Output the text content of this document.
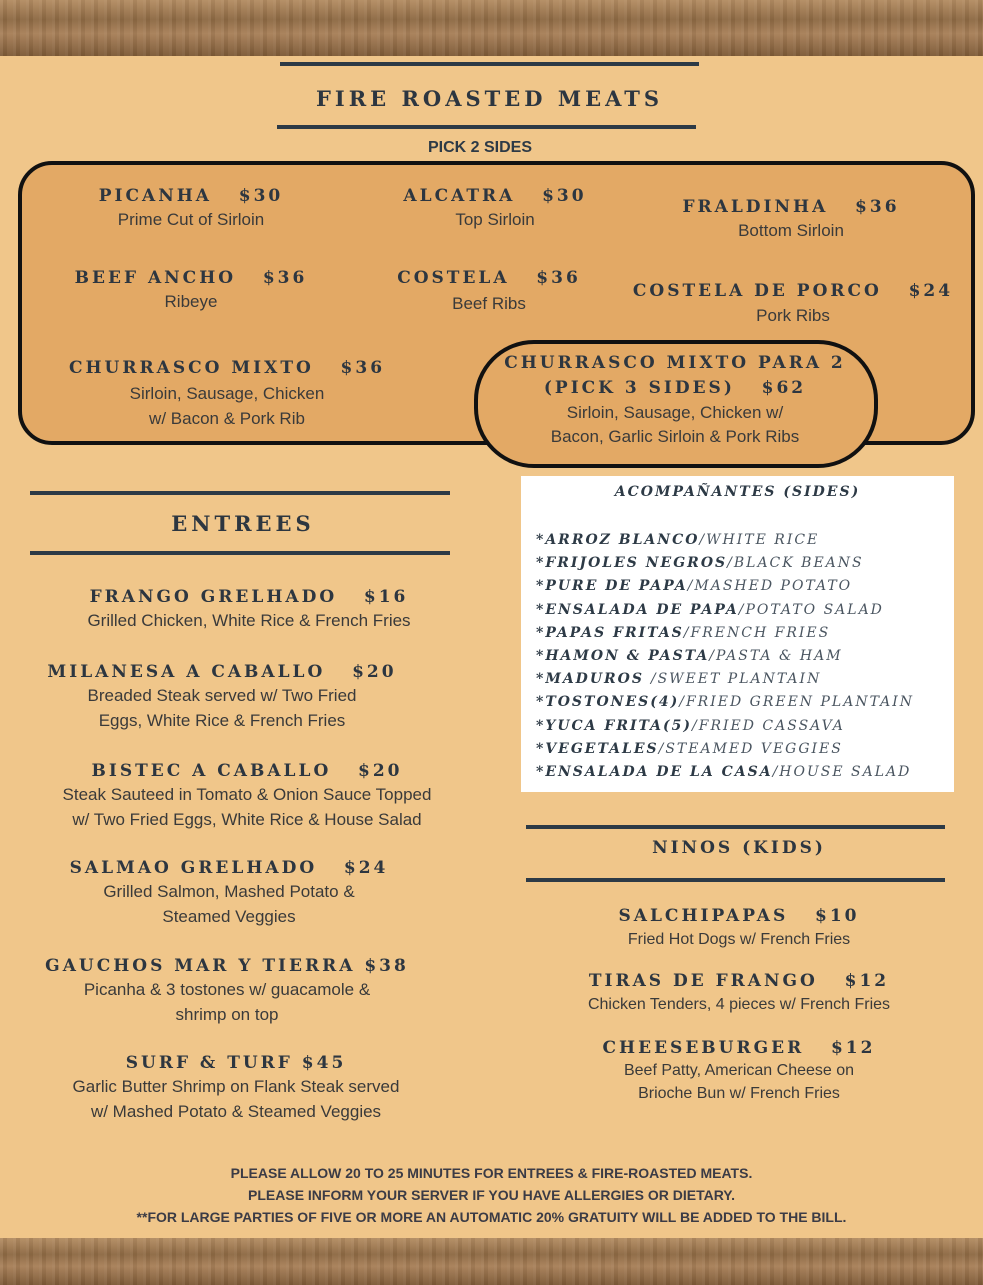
FIRE ROASTED MEATS
PICK 2 SIDES
PICANHA   $30
Prime Cut of Sirloin
ALCATRA   $30
Top Sirloin
FRALDINHA   $36
Bottom Sirloin
BEEF ANCHO   $36
Ribeye
COSTELA   $36
Beef Ribs
COSTELA DE PORCO   $24
Pork Ribs
CHURRASCO MIXTO   $36
Sirloin, Sausage, Chicken
w/ Bacon & Pork Rib
CHURRASCO MIXTO PARA 2
(PICK 3 SIDES)   $62
Sirloin, Sausage, Chicken w/
Bacon, Garlic Sirloin & Pork Ribs
ENTREES
FRANGO GRELHADO   $16
Grilled Chicken, White Rice & French Fries
MILANESA A CABALLO   $20
Breaded Steak served w/ Two Fried
Eggs, White Rice & French Fries
BISTEC A CABALLO   $20
Steak Sauteed in Tomato & Onion Sauce Topped
w/ Two Fried Eggs, White Rice & House Salad
SALMAO GRELHADO   $24
Grilled Salmon, Mashed Potato &
Steamed Veggies
GAUCHOS MAR Y TIERRA $38
Picanha & 3 tostones w/ guacamole &
shrimp on top
SURF & TURF $45
Garlic Butter Shrimp on Flank Steak served
w/ Mashed Potato & Steamed Veggies
ACOMPAÑANTES (SIDES)
*ARROZ BLANCO/WHITE RICE
*FRIJOLES NEGROS/BLACK BEANS
*PURE DE PAPA/MASHED POTATO
*ENSALADA DE PAPA/POTATO SALAD
*PAPAS FRITAS/FRENCH FRIES
*HAMON & PASTA/PASTA & HAM
*MADUROS /SWEET PLANTAIN
*TOSTONES(4)/FRIED GREEN PLANTAIN
*YUCA FRITA(5)/FRIED CASSAVA
*VEGETALES/STEAMED VEGGIES
*ENSALADA DE LA CASA/HOUSE SALAD
NINOS (KIDS)
SALCHIPAPAS   $10
Fried Hot Dogs w/ French Fries
TIRAS DE FRANGO   $12
Chicken Tenders, 4 pieces w/ French Fries
CHEESEBURGER   $12
Beef Patty, American Cheese on
Brioche Bun w/ French Fries
PLEASE ALLOW 20 TO 25 MINUTES FOR ENTREES & FIRE-ROASTED MEATS.
PLEASE INFORM YOUR SERVER IF YOU HAVE ALLERGIES OR DIETARY.
**FOR LARGE PARTIES OF FIVE OR MORE AN AUTOMATIC 20% GRATUITY WILL BE ADDED TO THE BILL.
